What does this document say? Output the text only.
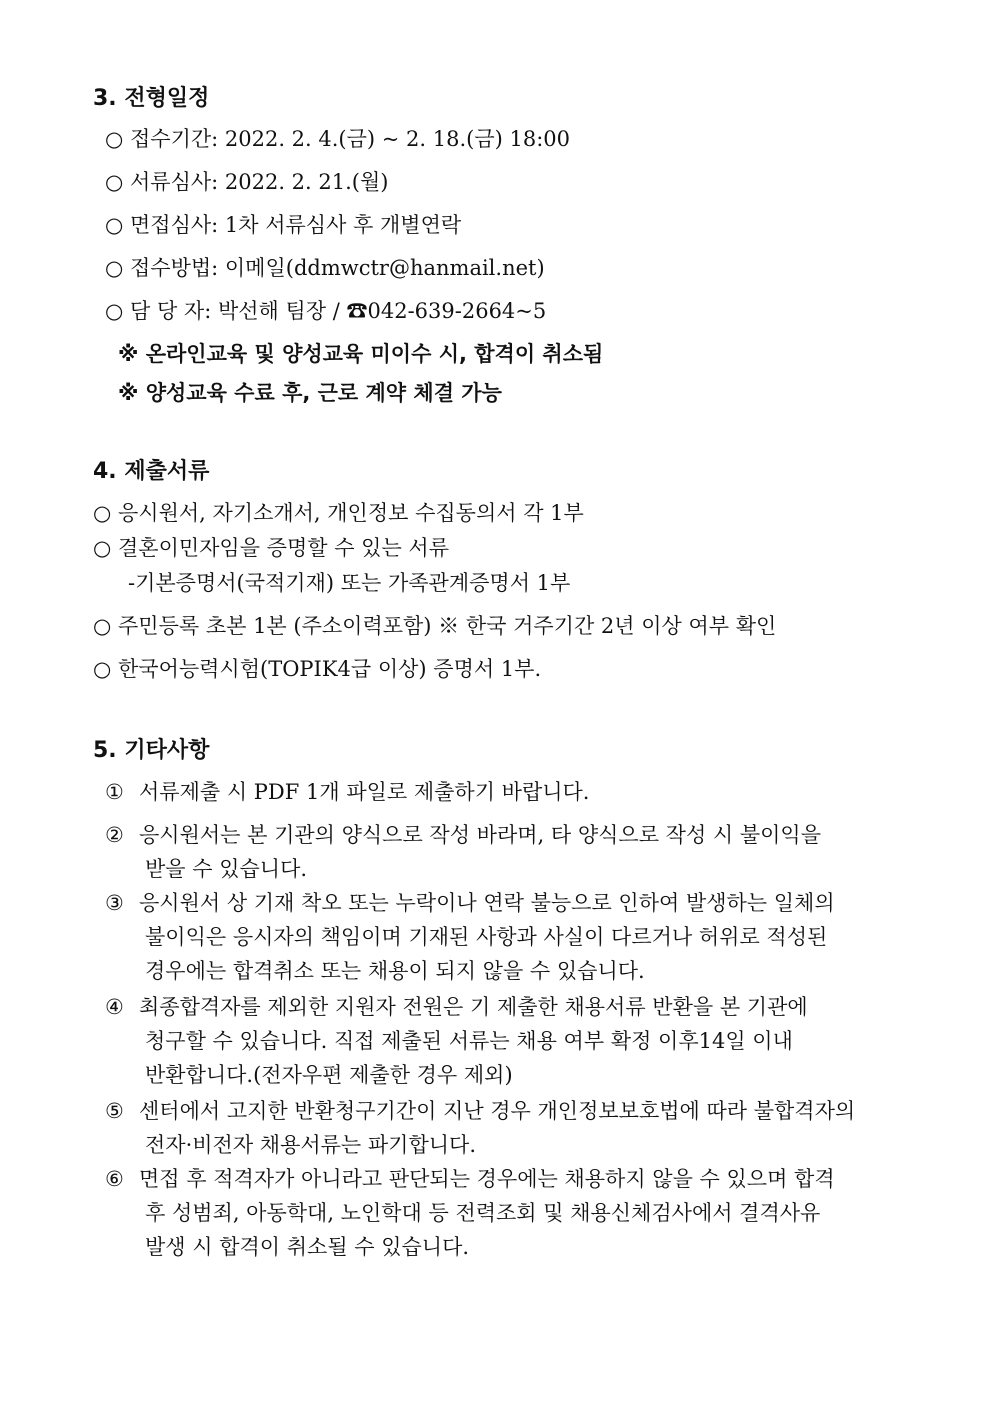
3. 전형일정
○ 접수기간: 2022. 2. 4.(금) ~ 2. 18.(금) 18:00
○ 서류심사: 2022. 2. 21.(월)
○ 면접심사: 1차 서류심사 후 개별연락
○ 접수방법: 이메일(ddmwctr@hanmail.net)
○ 담 당 자: 박선해 팀장 / ☎042-639-2664~5
※ 온라인교육 및 양성교육 미이수 시, 합격이 취소됨
※ 양성교육 수료 후, 근로 계약 체결 가능
4. 제출서류
○ 응시원서, 자기소개서, 개인정보 수집동의서 각 1부
○ 결혼이민자임을 증명할 수 있는 서류
-기본증명서(국적기재) 또는 가족관계증명서 1부
○ 주민등록 초본 1본 (주소이력포함) ※ 한국 거주기간 2년 이상 여부 확인
○ 한국어능력시험(TOPIK4급 이상) 증명서 1부.
5. 기타사항
① 서류제출 시 PDF 1개 파일로 제출하기 바랍니다.
② 응시원서는 본 기관의 양식으로 작성 바라며, 타 양식으로 작성 시 불이익을
받을 수 있습니다.
③ 응시원서 상 기재 착오 또는 누락이나 연락 불능으로 인하여 발생하는 일체의
불이익은 응시자의 책임이며 기재된 사항과 사실이 다르거나 허위로 적성된
경우에는 합격취소 또는 채용이 되지 않을 수 있습니다.
④ 최종합격자를 제외한 지원자 전원은 기 제출한 채용서류 반환을 본 기관에
청구할 수 있습니다. 직접 제출된 서류는 채용 여부 확정 이후14일 이내
반환합니다.(전자우편 제출한 경우 제외)
⑤ 센터에서 고지한 반환청구기간이 지난 경우 개인정보보호법에 따라 불합격자의
전자·비전자 채용서류는 파기합니다.
⑥ 면접 후 적격자가 아니라고 판단되는 경우에는 채용하지 않을 수 있으며 합격
후 성범죄, 아동학대, 노인학대 등 전력조회 및 채용신체검사에서 결격사유
발생 시 합격이 취소될 수 있습니다.
